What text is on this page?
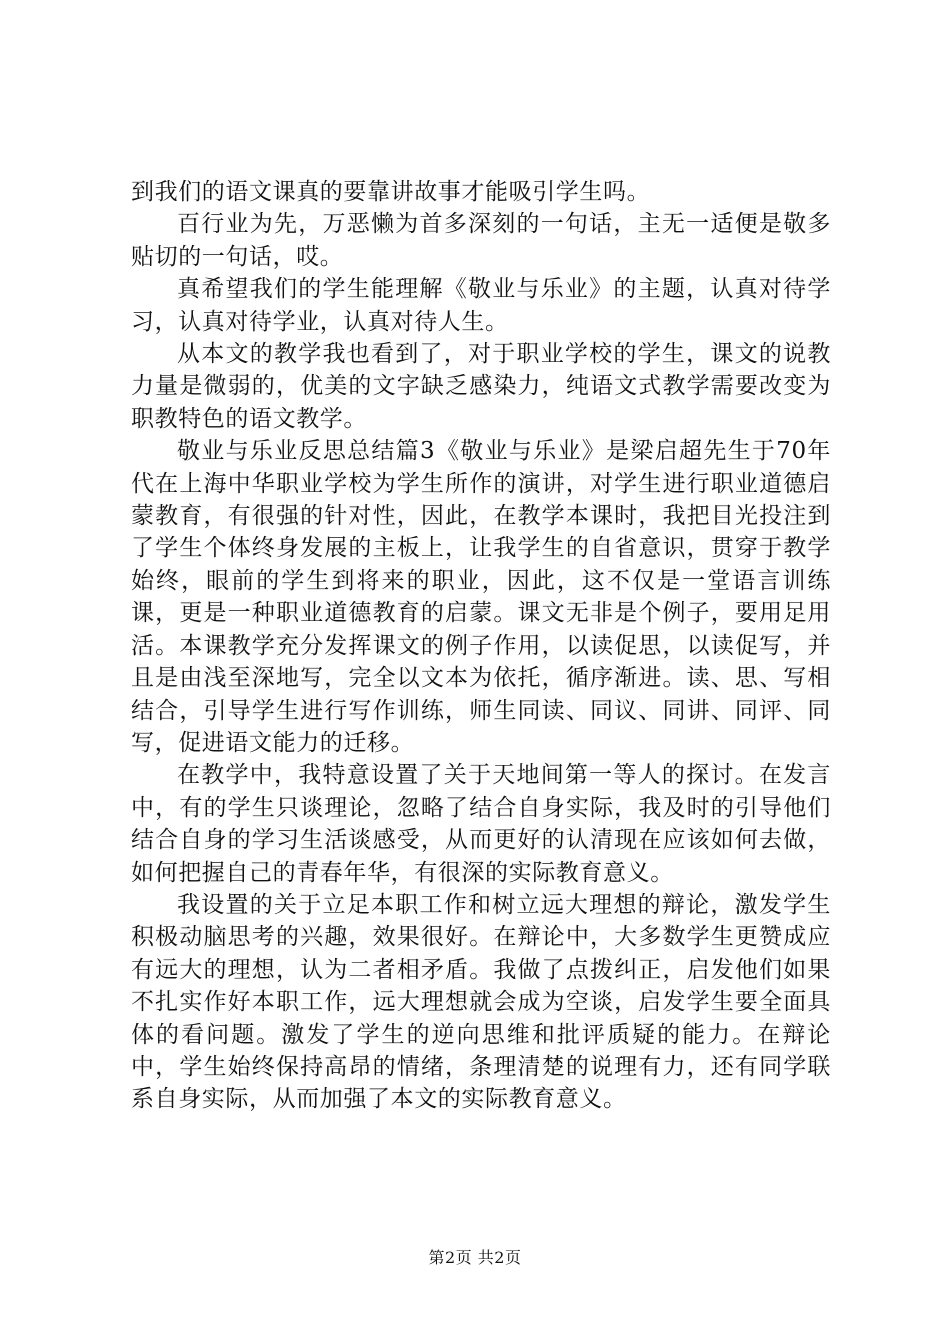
到我们的语文课真的要靠讲故事才能吸引学生吗。

百行业为先，万恶懒为首多深刻的一句话，主无一适便是敬多贴切的一句话，哎。

真希望我们的学生能理解《敬业与乐业》的主题，认真对待学习，认真对待学业，认真对待人生。

从本文的教学我也看到了，对于职业学校的学生，课文的说教力量是微弱的，优美的文字缺乏感染力，纯语文式教学需要改变为职教特色的语文教学。

敬业与乐业反思总结篇3《敬业与乐业》是梁启超先生于70年代在上海中华职业学校为学生所作的演讲，对学生进行职业道德启蒙教育，有很强的针对性，因此，在教学本课时，我把目光投注到了学生个体终身发展的主板上，让我学生的自省意识，贯穿于教学始终，眼前的学生到将来的职业，因此，这不仅是一堂语言训练课，更是一种职业道德教育的启蒙。课文无非是个例子，要用足用活。本课教学充分发挥课文的例子作用，以读促思，以读促写，并且是由浅至深地写，完全以文本为依托，循序渐进。读、思、写相结合，引导学生进行写作训练，师生同读、同议、同讲、同评、同写，促进语文能力的迁移。

在教学中，我特意设置了关于天地间第一等人的探讨。在发言中，有的学生只谈理论，忽略了结合自身实际，我及时的引导他们结合自身的学习生活谈感受，从而更好的认清现在应该如何去做，如何把握自己的青春年华，有很深的实际教育意义。

我设置的关于立足本职工作和树立远大理想的辩论，激发学生积极动脑思考的兴趣，效果很好。在辩论中，大多数学生更赞成应有远大的理想，认为二者相矛盾。我做了点拨纠正，启发他们如果不扎实作好本职工作，远大理想就会成为空谈，启发学生要全面具体的看问题。激发了学生的逆向思维和批评质疑的能力。在辩论中，学生始终保持高昂的情绪，条理清楚的说理有力，还有同学联系自身实际，从而加强了本文的实际教育意义。

第2页 共2页
